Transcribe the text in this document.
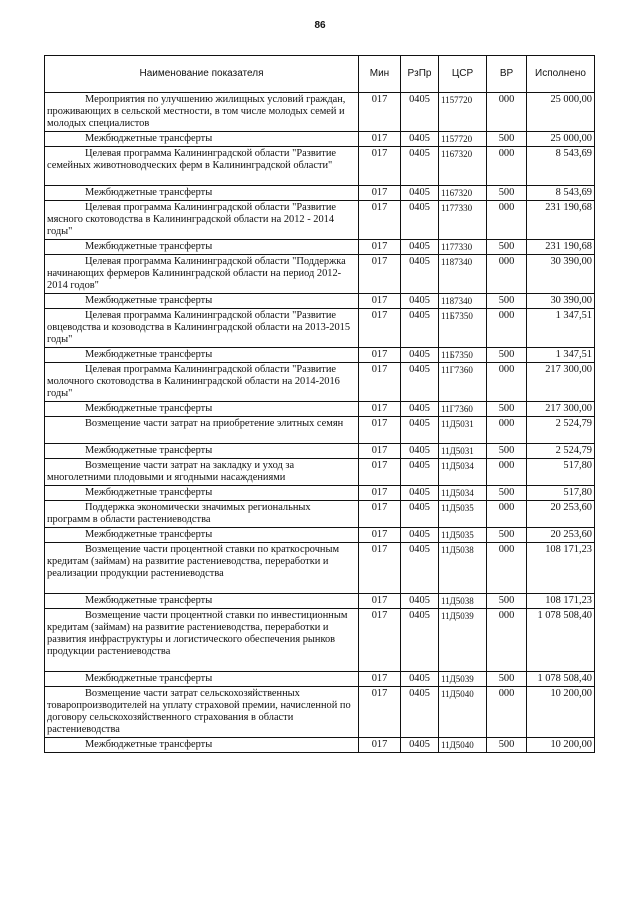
86
Наименование показателя	Мин	РзПр	ЦСР	ВР	Исполнено
Мероприятия по улучшению жилищных условий граждан, проживающих в сельской местности, в том числе молодых семей и молодых специалистов	017	0405	1157720	000	25 000,00
Межбюджетные трансферты	017	0405	1157720	500	25 000,00
Целевая программа Калининградской области "Развитие семейных животноводческих ферм в Калининградской области"	017	0405	1167320	000	8 543,69
Межбюджетные трансферты	017	0405	1167320	500	8 543,69
Целевая программа Калининградской области "Развитие мясного скотоводства в Калининградской области на 2012 - 2014 годы"	017	0405	1177330	000	231 190,68
Межбюджетные трансферты	017	0405	1177330	500	231 190,68
Целевая программа Калининградской области "Поддержка начинающих фермеров Калининградской области на период 2012-2014 годов"	017	0405	1187340	000	30 390,00
Межбюджетные трансферты	017	0405	1187340	500	30 390,00
Целевая программа Калининградской области "Развитие овцеводства и козоводства в Калининградской области на 2013-2015 годы"	017	0405	11Б7350	000	1 347,51
Межбюджетные трансферты	017	0405	11Б7350	500	1 347,51
Целевая программа Калининградской области "Развитие молочного скотоводства в Калининградской области на 2014-2016 годы"	017	0405	11Г7360	000	217 300,00
Межбюджетные трансферты	017	0405	11Г7360	500	217 300,00
Возмещение части затрат на приобретение элитных семян	017	0405	11Д5031	000	2 524,79
Межбюджетные трансферты	017	0405	11Д5031	500	2 524,79
Возмещение части затрат на закладку и уход за многолетними плодовыми и ягодными насаждениями	017	0405	11Д5034	000	517,80
Межбюджетные трансферты	017	0405	11Д5034	500	517,80
Поддержка экономически значимых региональных программ в области растениеводства	017	0405	11Д5035	000	20 253,60
Межбюджетные трансферты	017	0405	11Д5035	500	20 253,60
Возмещение части процентной ставки по краткосрочным кредитам (займам) на развитие растениеводства, переработки и реализации продукции растениеводства	017	0405	11Д5038	000	108 171,23
Межбюджетные трансферты	017	0405	11Д5038	500	108 171,23
Возмещение части процентной ставки по инвестиционным кредитам (займам) на развитие растениеводства, переработки и развития инфраструктуры и логистического обеспечения рынков продукции растениеводства	017	0405	11Д5039	000	1 078 508,40
Межбюджетные трансферты	017	0405	11Д5039	500	1 078 508,40
Возмещение части затрат сельскохозяйственных товаропроизводителей на уплату страховой премии, начисленной по договору сельскохозяйственного страхования в области растениеводства	017	0405	11Д5040	000	10 200,00
Межбюджетные трансферты	017	0405	11Д5040	500	10 200,00
